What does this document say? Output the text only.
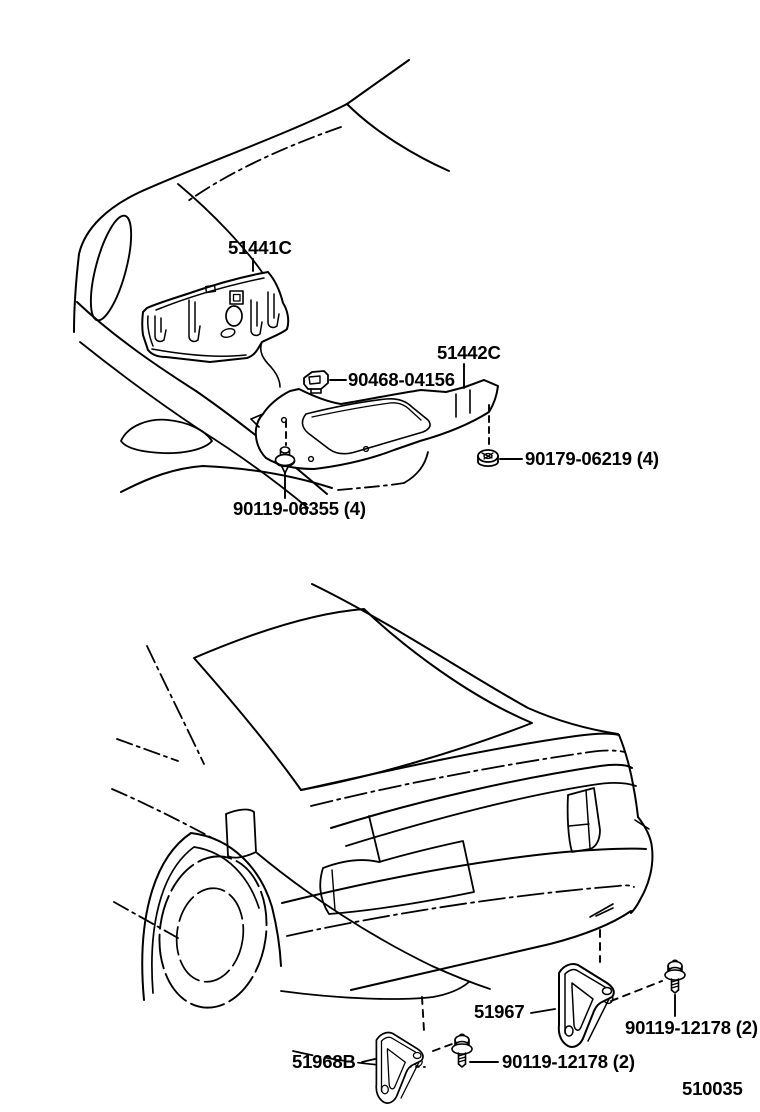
51441C
51442C
90468-04156
90179-06219 (4)
90119-06355 (4)
51967
90119-12178 (2)
51968B	90119-12178 (2)
510035
